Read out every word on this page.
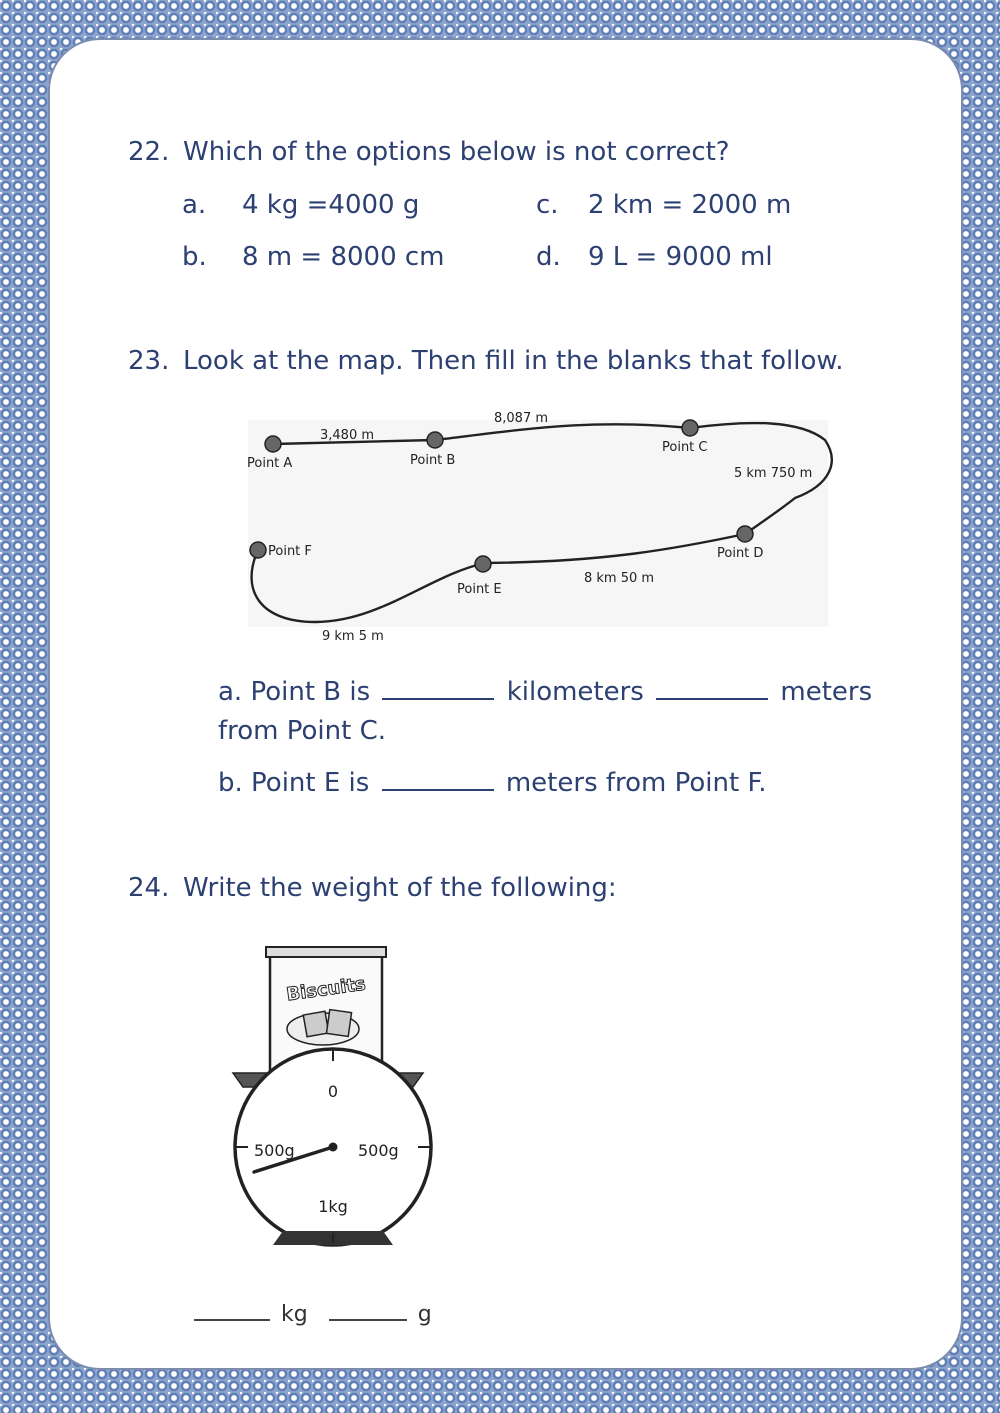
22. Which of the options below is not correct?
a. 4 kg =4000 g
b. 8 m = 8000 cm
c. 2 km = 2000 m
d. 9 L = 9000 ml
23. Look at the map. Then fill in the blanks that follow.
Point A	Point B
Point C
Point D
Point E
Point F
3,480 m
8,087 m
5 km 750 m
8 km 50 m
9 km 5 m
a. Point B is	kilometers	meters
from Point C.
b. Point E is	meters from Point F.
24. Write the weight of the following:
Biscuits
0
500g	500g
1kg
kg	g
